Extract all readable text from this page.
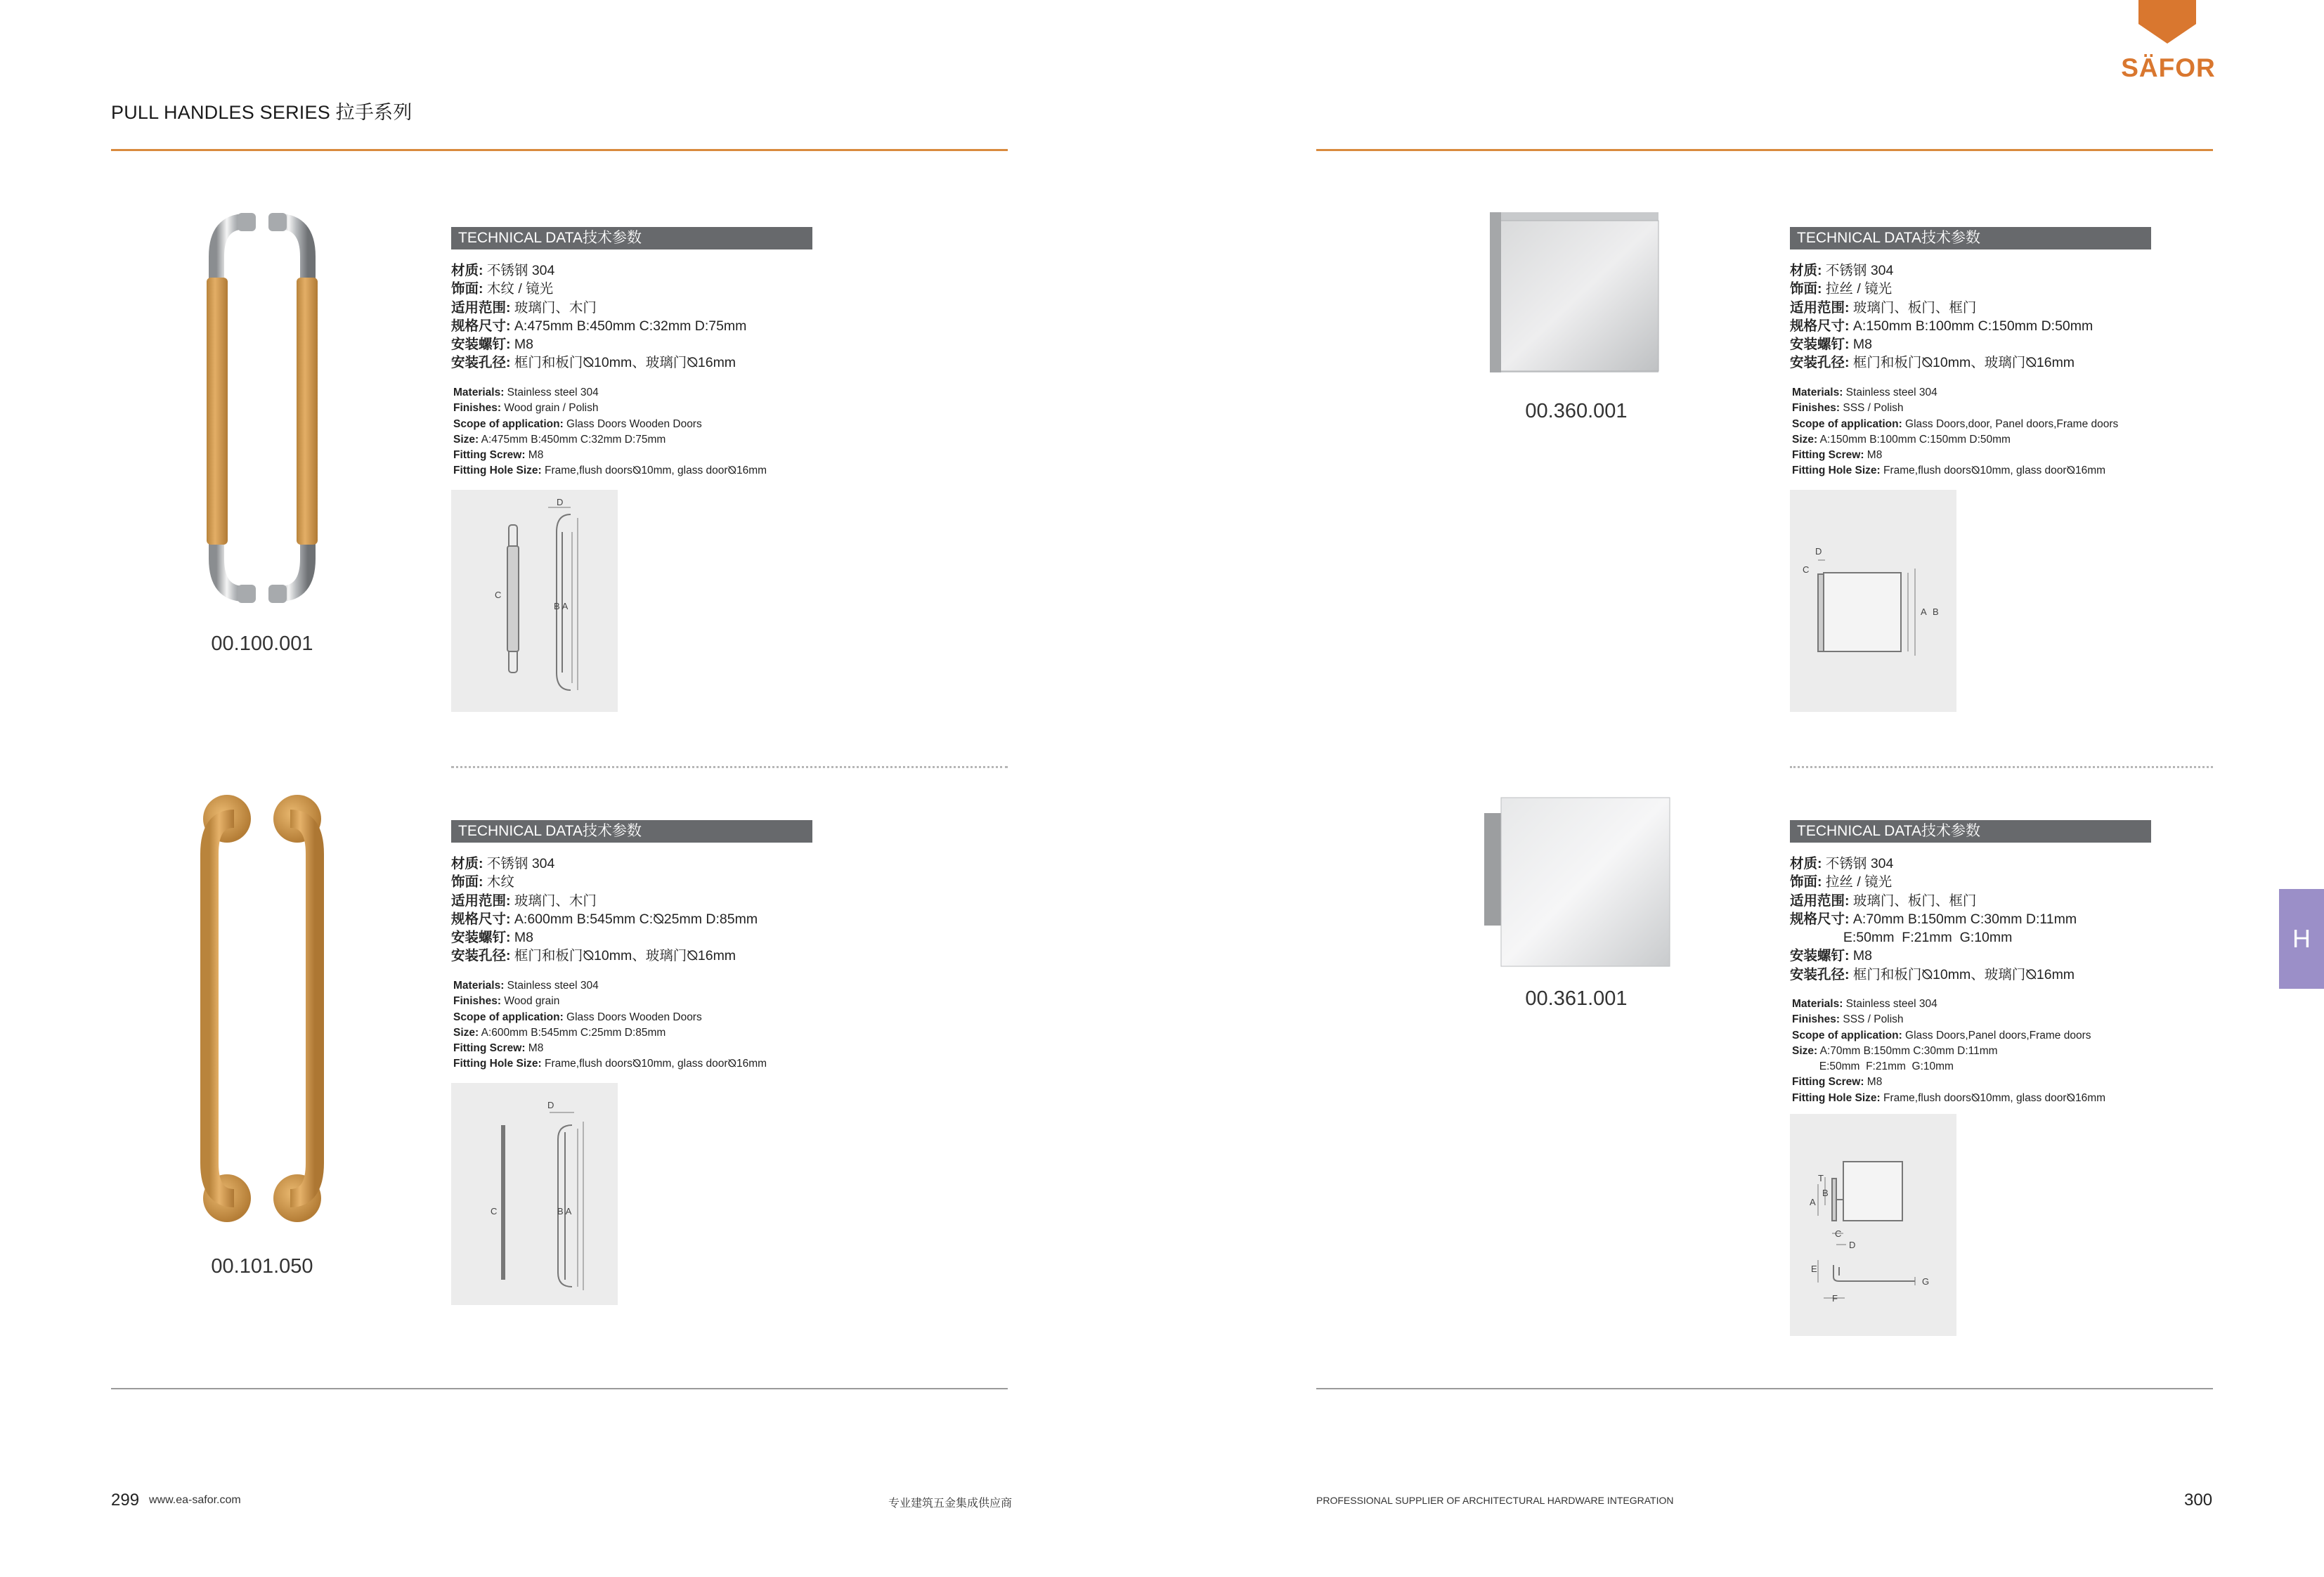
PULL HANDLES SERIES 拉手系列
SÄFOR
H
00.100.001
TECHNICAL DATA技术参数
材质: 不锈钢 304
饰面: 木纹 / 镜光
适用范围: 玻璃门、木门
规格尺寸: A:475mm B:450mm C:32mm D:75mm
安装螺钉: M8
安装孔径: 框门和板门⦰10mm、玻璃门⦰16mm
Materials: Stainless steel 304
Finishes: Wood grain / Polish
Scope of application: Glass Doors Wooden Doors
Size: A:475mm B:450mm C:32mm D:75mm
Fitting Screw: M8
Fitting Hole Size: Frame,flush doors⦰10mm, glass door⦰16mm
D
C
B A
00.101.050
TECHNICAL DATA技术参数
材质: 不锈钢 304
饰面: 木纹
适用范围: 玻璃门、木门
规格尺寸: A:600mm B:545mm C:⦰25mm D:85mm
安装螺钉: M8
安装孔径: 框门和板门⦰10mm、玻璃门⦰16mm
Materials: Stainless steel 304
Finishes: Wood grain
Scope of application: Glass Doors Wooden Doors
Size: A:600mm B:545mm C:25mm D:85mm
Fitting Screw: M8
Fitting Hole Size: Frame,flush doors⦰10mm, glass door⦰16mm
D
C	B A
00.360.001
TECHNICAL DATA技术参数
材质: 不锈钢 304
饰面: 拉丝 / 镜光
适用范围: 玻璃门、板门、框门
规格尺寸: A:150mm B:100mm C:150mm D:50mm
安装螺钉: M8
安装孔径: 框门和板门⦰10mm、玻璃门⦰16mm
Materials: Stainless steel 304
Finishes: SSS / Polish
Scope of application: Glass Doors,door, Panel doors,Frame doors
Size: A:150mm B:100mm C:150mm D:50mm
Fitting Screw: M8
Fitting Hole Size: Frame,flush doors⦰10mm, glass door⦰16mm
D
C
A B
00.361.001
TECHNICAL DATA技术参数
材质: 不锈钢 304
饰面: 拉丝 / 镜光
适用范围: 玻璃门、板门、框门
规格尺寸: A:70mm B:150mm C:30mm D:11mm
E:50mm  F:21mm  G:10mm
安装螺钉: M8
安装孔径: 框门和板门⦰10mm、玻璃门⦰16mm
Materials: Stainless steel 304
Finishes: SSS / Polish
Scope of application: Glass Doors,Panel doors,Frame doors
Size: A:70mm B:150mm C:30mm D:11mm
E:50mm  F:21mm  G:10mm
Fitting Screw: M8
Fitting Hole Size: Frame,flush doors⦰10mm, glass door⦰16mm
T
A
B
C
D
E
F
G
299 www.ea-safor.com	专业建筑五金集成供应商	PROFESSIONAL SUPPLIER OF ARCHITECTURAL HARDWARE INTEGRATION	300
